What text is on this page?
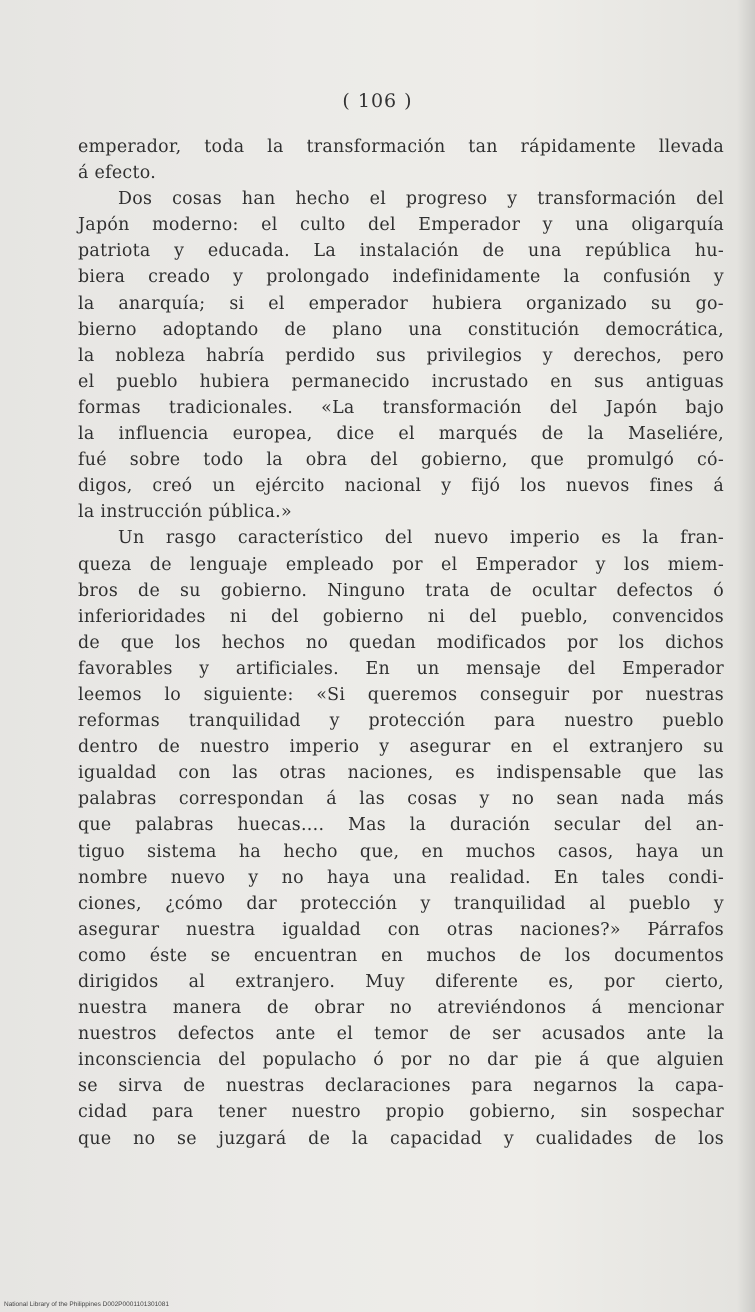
( 106 )
emperador, toda la transformación tan rápidamente llevada
á efecto.
Dos cosas han hecho el progreso y transformación del
Japón moderno: el culto del Emperador y una oligarquía
patriota y educada. La instalación de una república hu-
biera creado y prolongado indefinidamente la confusión y
la anarquía; si el emperador hubiera organizado su go-
bierno adoptando de plano una constitución democrática,
la nobleza habría perdido sus privilegios y derechos, pero
el pueblo hubiera permanecido incrustado en sus antiguas
formas tradicionales. «La transformación del Japón bajo
la influencia europea, dice el marqués de la Maseliére,
fué sobre todo la obra del gobierno, que promulgó có-
digos, creó un ejército nacional y fijó los nuevos fines á
la instrucción pública.»
Un rasgo característico del nuevo imperio es la fran-
queza de lenguaje empleado por el Emperador y los miem-
bros de su gobierno. Ninguno trata de ocultar defectos ó
inferioridades ni del gobierno ni del pueblo, convencidos
de que los hechos no quedan modificados por los dichos
favorables y artificiales. En un mensaje del Emperador
leemos lo siguiente: «Si queremos conseguir por nuestras
reformas tranquilidad y protección para nuestro pueblo
dentro de nuestro imperio y asegurar en el extranjero su
igualdad con las otras naciones, es indispensable que las
palabras correspondan á las cosas y no sean nada más
que palabras huecas.... Mas la duración secular del an-
tiguo sistema ha hecho que, en muchos casos, haya un
nombre nuevo y no haya una realidad. En tales condi-
ciones, ¿cómo dar protección y tranquilidad al pueblo y
asegurar nuestra igualdad con otras naciones?» Párrafos
como éste se encuentran en muchos de los documentos
dirigidos al extranjero. Muy diferente es, por cierto,
nuestra manera de obrar no atreviéndonos á mencionar
nuestros defectos ante el temor de ser acusados ante la
inconsciencia del populacho ó por no dar pie á que alguien
se sirva de nuestras declaraciones para negarnos la capa-
cidad para tener nuestro propio gobierno, sin sospechar
que no se juzgará de la capacidad y cualidades de los
National Library of the Philippines D002P0001101301081
